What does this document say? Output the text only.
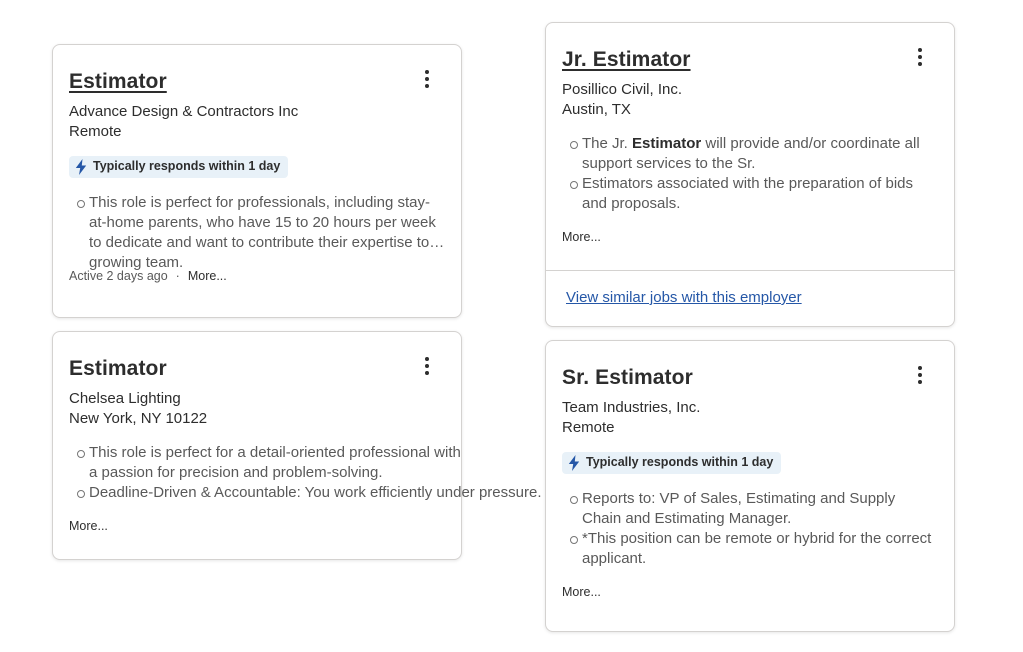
Estimator
Advance Design & Contractors Inc
Remote
Typically responds within 1 day
This role is perfect for professionals, including stay-at-home parents, who have 15 to 20 hours per week to dedicate and want to contribute their expertise to a growing team.
Active 2 days ago · More...
Estimator
Chelsea Lighting
New York, NY 10122
This role is perfect for a detail-oriented professional with a passion for precision and problem-solving.
Deadline-Driven & Accountable: You work efficiently under pressure.
More...
Jr. Estimator
Posillico Civil, Inc.
Austin, TX
The Jr. Estimator will provide and/or coordinate all support services to the Sr.
Estimators associated with the preparation of bids and proposals.
More...
View similar jobs with this employer
Sr. Estimator
Team Industries, Inc.
Remote
Typically responds within 1 day
Reports to: VP of Sales, Estimating and Supply Chain and Estimating Manager.
*This position can be remote or hybrid for the correct applicant.
More...
